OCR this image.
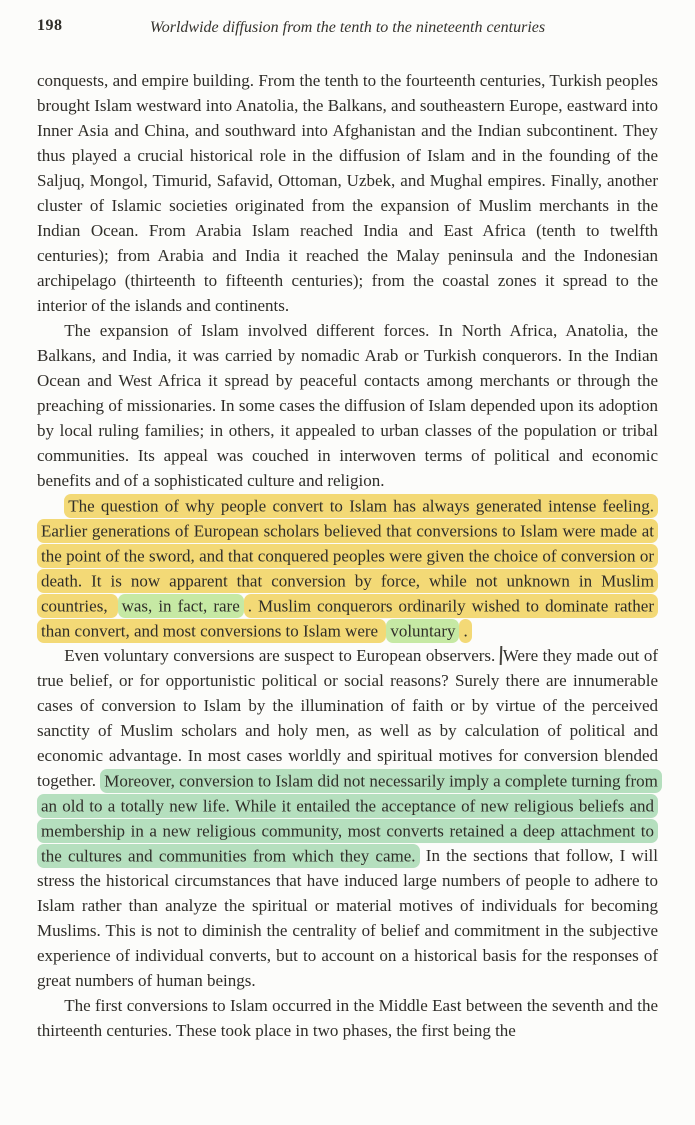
198	Worldwide diffusion from the tenth to the nineteenth centuries

conquests, and empire building. From the tenth to the fourteenth centuries, Turkish peoples brought Islam westward into Anatolia, the Balkans, and southeastern Europe, eastward into Inner Asia and China, and southward into Afghanistan and the Indian subcontinent. They thus played a crucial historical role in the diffusion of Islam and in the founding of the Saljuq, Mongol, Timurid, Safavid, Ottoman, Uzbek, and Mughal empires. Finally, another cluster of Islamic societies originated from the expansion of Muslim merchants in the Indian Ocean. From Arabia Islam reached India and East Africa (tenth to twelfth centuries); from Arabia and India it reached the Malay peninsula and the Indonesian archipelago (thirteenth to fifteenth centuries); from the coastal zones it spread to the interior of the islands and continents.

The expansion of Islam involved different forces. In North Africa, Anatolia, the Balkans, and India, it was carried by nomadic Arab or Turkish conquerors. In the Indian Ocean and West Africa it spread by peaceful contacts among merchants or through the preaching of missionaries. In some cases the diffusion of Islam depended upon its adoption by local ruling families; in others, it appealed to urban classes of the population or tribal communities. Its appeal was couched in interwoven terms of political and economic benefits and of a sophisticated culture and religion.

The question of why people convert to Islam has always generated intense feeling. Earlier generations of European scholars believed that conversions to Islam were made at the point of the sword, and that conquered peoples were given the choice of conversion or death. It is now apparent that conversion by force, while not unknown in Muslim countries, was, in fact, rare . Muslim conquerors ordinarily wished to dominate rather than convert, and most conversions to Islam were voluntary .

Even voluntary conversions are suspect to European observers. Were they made out of true belief, or for opportunistic political or social reasons? Surely there are innumerable cases of conversion to Islam by the illumination of faith or by virtue of the perceived sanctity of Muslim scholars and holy men, as well as by calculation of political and economic advantage. In most cases worldly and spiritual motives for conversion blended together. Moreover, conversion to Islam did not necessarily imply a complete turning from an old to a totally new life. While it entailed the acceptance of new religious beliefs and membership in a new religious community, most converts retained a deep attachment to the cultures and communities from which they came. In the sections that follow, I will stress the historical circumstances that have induced large numbers of people to adhere to Islam rather than analyze the spiritual or material motives of individuals for becoming Muslims. This is not to diminish the centrality of belief and commitment in the subjective experience of individual converts, but to account on a historical basis for the responses of great numbers of human beings.

The first conversions to Islam occurred in the Middle East between the seventh and the thirteenth centuries. These took place in two phases, the first being the
